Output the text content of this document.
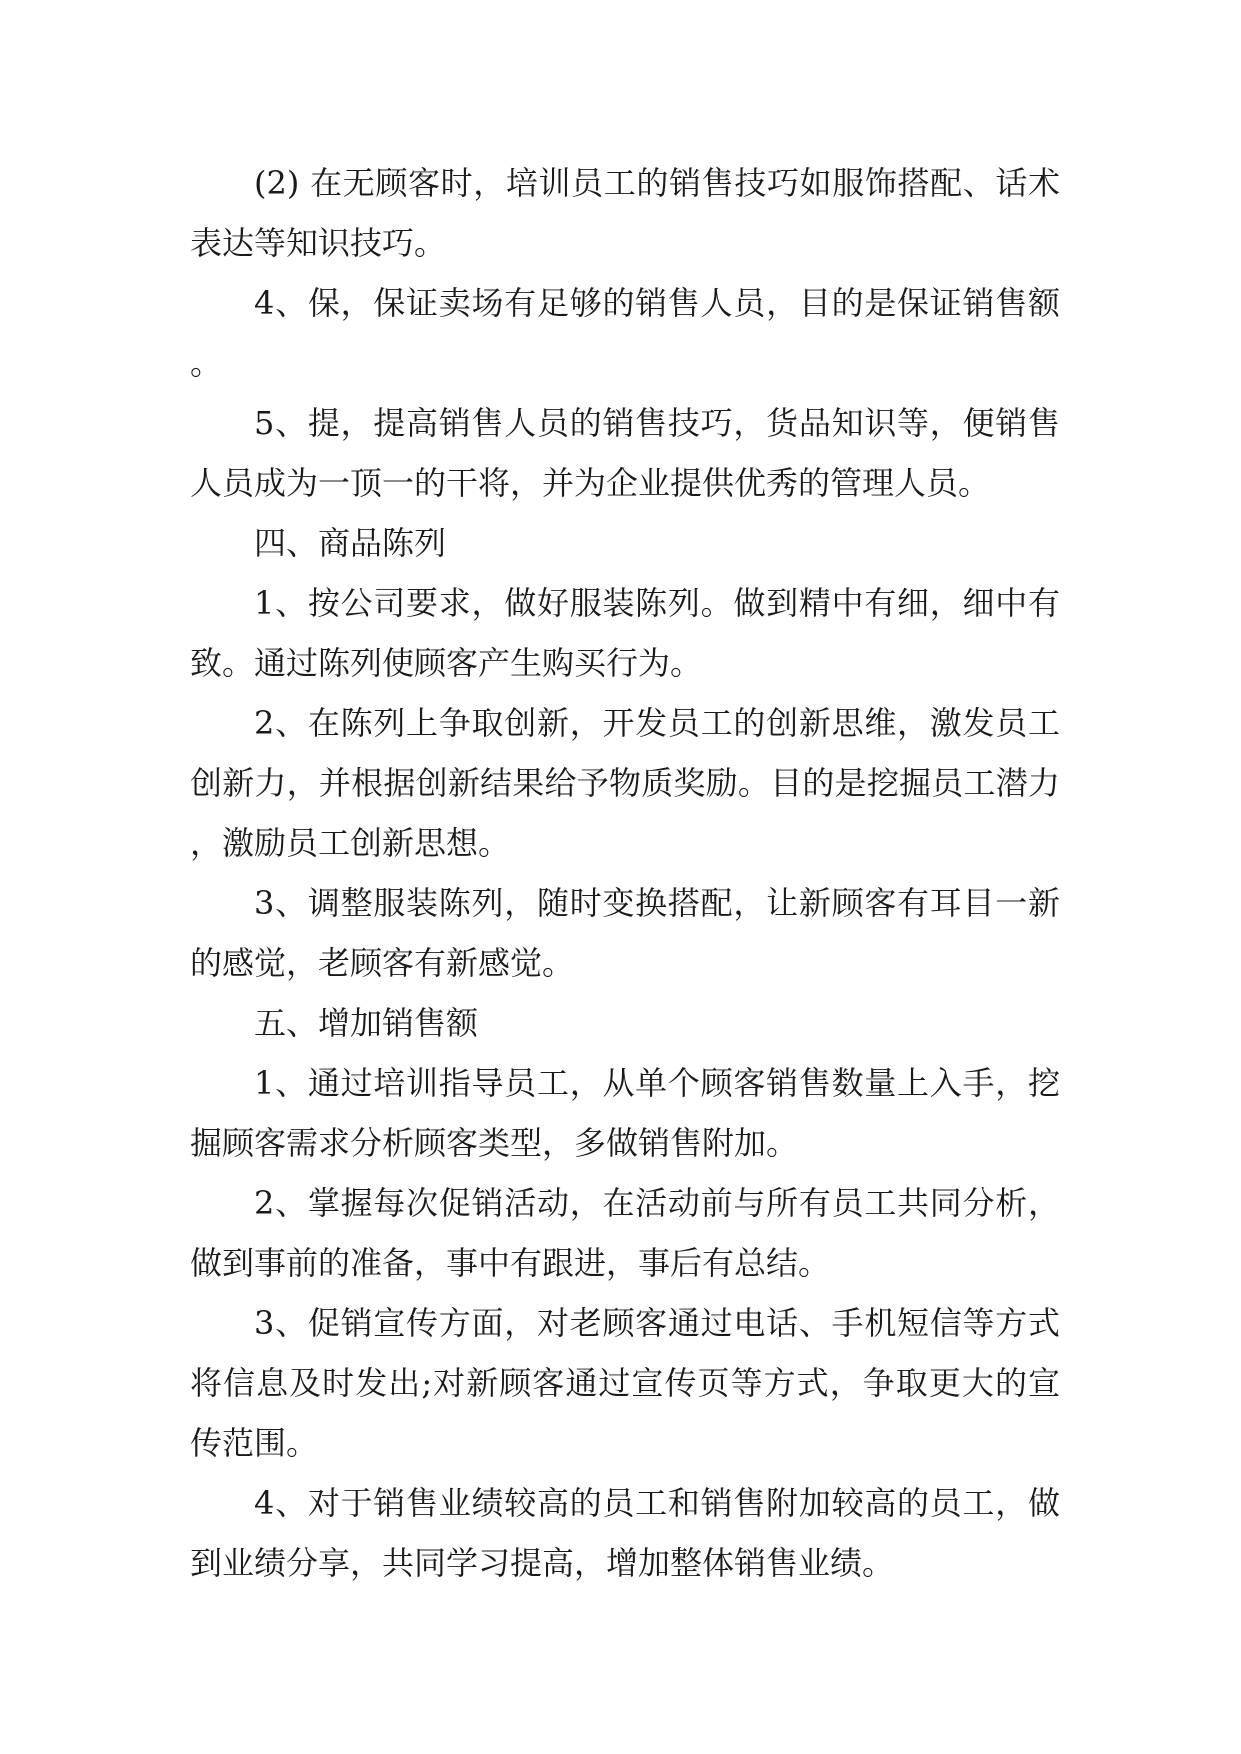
(2) 在无顾客时，培训员工的销售技巧如服饰搭配、话术表达等知识技巧。

4、保，保证卖场有足够的销售人员，目的是保证销售额。

5、提，提高销售人员的销售技巧，货品知识等，便销售人员成为一顶一的干将，并为企业提供优秀的管理人员。

四、商品陈列

1、按公司要求，做好服装陈列。做到精中有细，细中有致。通过陈列使顾客产生购买行为。

2、在陈列上争取创新，开发员工的创新思维，激发员工创新力，并根据创新结果给予物质奖励。目的是挖掘员工潜力，激励员工创新思想。

3、调整服装陈列，随时变换搭配，让新顾客有耳目一新的感觉，老顾客有新感觉。

五、增加销售额

1、通过培训指导员工，从单个顾客销售数量上入手，挖掘顾客需求分析顾客类型，多做销售附加。

2、掌握每次促销活动，在活动前与所有员工共同分析，做到事前的准备，事中有跟进，事后有总结。

3、促销宣传方面，对老顾客通过电话、手机短信等方式将信息及时发出;对新顾客通过宣传页等方式，争取更大的宣传范围。

4、对于销售业绩较高的员工和销售附加较高的员工，做到业绩分享，共同学习提高，增加整体销售业绩。
